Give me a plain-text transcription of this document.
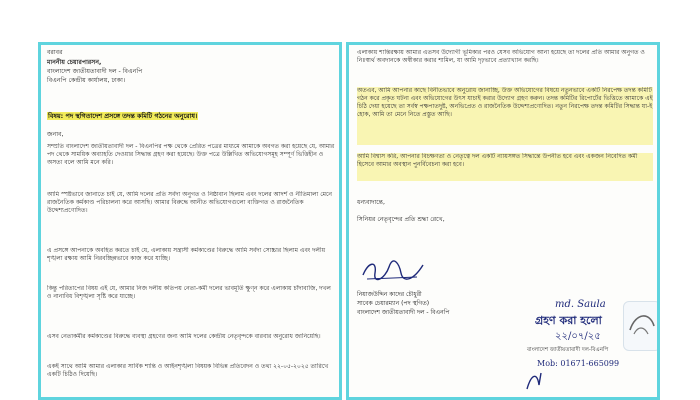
বরাবর
মাননীয় চেয়ারপারসন,
বাংলাদেশ জাতীয়তাবাদী দল - বিএনপি
বিএনপি কেন্দ্রীয় কার্যালয়, ঢাকা।
বিষয়: পদ স্থগিতাদেশ প্রসঙ্গে তদন্ত কমিটি গঠনের অনুরোধ।
জনাব,
সম্প্রতি বাংলাদেশ জাতীয়তাবাদী দল - বিএনপির পক্ষ থেকে প্রেরিত পত্রের মাধ্যমে আমাকে অবগত করা হয়েছে যে, আমার পদ থেকে সাময়িক অব্যাহতি দেওয়ার সিদ্ধান্ত গ্রহণ করা হয়েছে। উক্ত পত্রে উল্লিখিত অভিযোগসমূহ সম্পূর্ণ ভিত্তিহীন ও অসত্য বলে আমি মনে করি।
আমি স্পষ্টভাবে জানাতে চাই যে, আমি দলের প্রতি সর্বদা অনুগত ও নিষ্ঠাবান ছিলাম এবং দলের আদর্শ ও নীতিমালা মেনে রাজনৈতিক কর্মকাণ্ড পরিচালনা করে আসছি। আমার বিরুদ্ধে আনীত অভিযোগগুলো ব্যক্তিগত ও রাজনৈতিক উদ্দেশ্যপ্রণোদিত।
এ প্রসঙ্গে আপনাকে অবহিত করতে চাই যে, এলাকায় সন্ত্রাসী কর্মকাণ্ডের বিরুদ্ধে আমি সর্বদা সোচ্চার ছিলাম এবং দলীয় শৃঙ্খলা রক্ষায় আমি নিরবচ্ছিন্নভাবে কাজ করে যাচ্ছি।
কিন্তু পরিতাপের বিষয় এই যে, আমার নিজ দলীয় কতিপয় নেতা-কর্মী দলের ভাবমূর্তি ক্ষুণ্ন করে এলাকায় চাঁদাবাজি, দখল ও নানাবিধ বিশৃঙ্খলা সৃষ্টি করে যাচ্ছে।
এসব নেতাকর্মীর কর্মকাণ্ডের বিরুদ্ধে ব্যবস্থা গ্রহণের জন্য আমি দলের কেন্দ্রীয় নেতৃবৃন্দকে বারবার অনুরোধ জানিয়েছি।
একই সাথে আমি আমার এলাকার সার্বিক শান্তি ও আইনশৃঙ্খলা বিষয়ক বিভিন্ন প্রতিবেদন ও তথ্য ২২-০৫-২০২৫ তারিখে একটি চিঠিও দিয়েছি।
এলাকায় শান্তিরক্ষায় আমার এতসব উদ্যোগী ভূমিকার পরও যেসব অভিযোগ আনা হয়েছে তা দলের প্রতি আমার অনুগত ও নিঃস্বার্থ অবদানকে অস্বীকার করার শামিল, যা আমি দৃঢ়ভাবে প্রত্যাখ্যান করছি।
অতএব, আমি আপনার কাছে বিনীতভাবে অনুরোধ জানাচ্ছি, উক্ত অভিযোগের বিষয়ে নতুনভাবে একটি নিরপেক্ষ তদন্ত কমিটি গঠন করে প্রকৃত ঘটনা এবং অভিযোগের উৎস যাচাই করার উদ্যোগ গ্রহণ করুন। তদন্ত কমিটির রিপোর্টের ভিত্তিতে আমাকে এই চিঠি দেয়া হয়েছে তা সর্বস্ব পক্ষপাতদুষ্ট, অনভিপ্রেত ও রাজনৈতিক উদ্দেশ্যপ্রণোদিত। নতুন নিরপেক্ষ তদন্ত কমিটির সিদ্ধান্ত যা-ই হোক, আমি তা মেনে নিতে প্রস্তুত আছি।
আমি বিশ্বাস করি, আপনার বিচক্ষণতা ও নেতৃত্বে দল একটি ন্যায়সঙ্গত সিদ্ধান্তে উপনীত হবে এবং একজন নিবেদিত কর্মী হিসেবে আমার অবস্থান পুনর্বিবেচনা করা হবে।
ধন্যবাদান্তে,
সিনিয়র নেতৃবৃন্দের প্রতি শ্রদ্ধা রেখে,
নিয়াজউদ্দিন কাদের চৌধুরী
সাবেক চেয়ারম্যান (পদ স্থগিত)
বাংলাদেশ জাতীয়তাবাদী দল - বিএনপি
md. Saula
গ্রহণ করা হলো
২২/০৭/২৫
বাংলাদেশ জাতীয়তাবাদী দল-বিএনপি
Mob: 01671-665099
